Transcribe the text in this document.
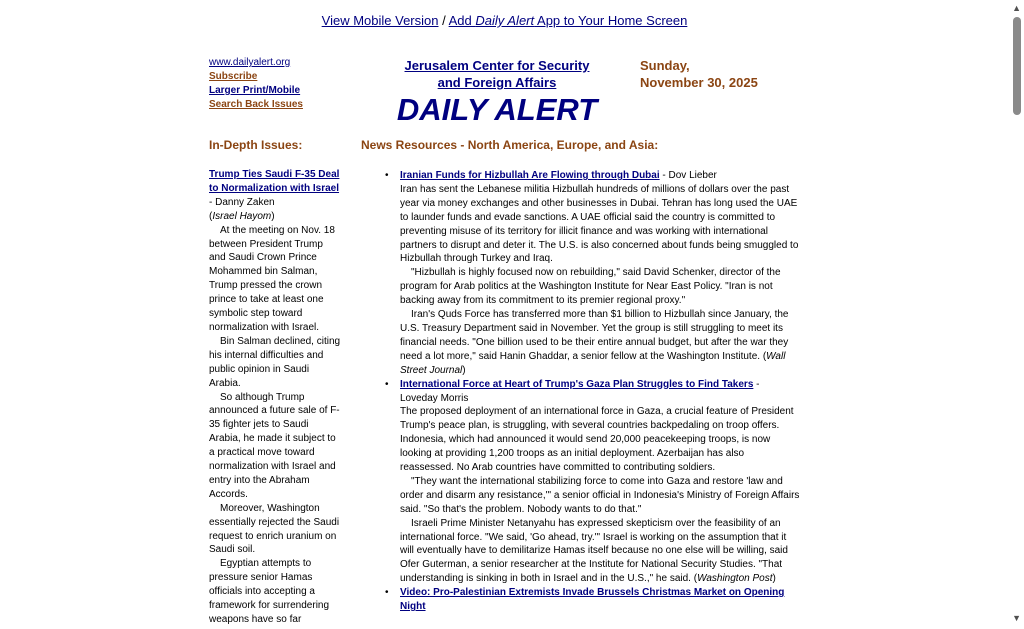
View Mobile Version / Add Daily Alert App to Your Home Screen
www.dailyalert.org
Subscribe
Larger Print/Mobile
Search Back Issues
Jerusalem Center for Security
and Foreign Affairs
DAILY ALERT
Sunday,
November 30, 2025
In-Depth Issues:	News Resources - North America, Europe, and Asia:
Trump Ties Saudi F-35 Deal to Normalization with Israel - Danny Zaken
(Israel Hayom)

At the meeting on Nov. 18 between President Trump and Saudi Crown Prince Mohammed bin Salman, Trump pressed the crown prince to take at least one symbolic step toward normalization with Israel.

Bin Salman declined, citing his internal difficulties and public opinion in Saudi Arabia.

So although Trump announced a future sale of F-35 fighter jets to Saudi Arabia, he made it subject to a practical move toward normalization with Israel and entry into the Abraham Accords.

Moreover, Washington essentially rejected the Saudi request to enrich uranium on Saudi soil.

Egyptian attempts to pressure senior Hamas officials into accepting a framework for surrendering weapons have so far

• Iranian Funds for Hizbullah Are Flowing through Dubai - Dov Lieber

Iran has sent the Lebanese militia Hizbullah hundreds of millions of dollars over the past year via money exchanges and other businesses in Dubai. Tehran has long used the UAE to launder funds and evade sanctions. A UAE official said the country is committed to preventing misuse of its territory for illicit finance and was working with international partners to disrupt and deter it. The U.S. is also concerned about funds being smuggled to Hizbullah through Turkey and Iraq.

"Hizbullah is highly focused now on rebuilding," said David Schenker, director of the program for Arab politics at the Washington Institute for Near East Policy. "Iran is not backing away from its commitment to its premier regional proxy."

Iran's Quds Force has transferred more than $1 billion to Hizbullah since January, the U.S. Treasury Department said in November. Yet the group is still struggling to meet its financial needs. "One billion used to be their entire annual budget, but after the war they need a lot more," said Hanin Ghaddar, a senior fellow at the Washington Institute. (Wall Street Journal)

• International Force at Heart of Trump's Gaza Plan Struggles to Find Takers - Loveday Morris

The proposed deployment of an international force in Gaza, a crucial feature of President Trump's peace plan, is struggling, with several countries backpedaling on troop offers. Indonesia, which had announced it would send 20,000 peacekeeping troops, is now looking at providing 1,200 troops as an initial deployment. Azerbaijan has also reassessed. No Arab countries have committed to contributing soldiers.

"They want the international stabilizing force to come into Gaza and restore 'law and order and disarm any resistance,'" a senior official in Indonesia's Ministry of Foreign Affairs said. "So that's the problem. Nobody wants to do that."

Israeli Prime Minister Netanyahu has expressed skepticism over the feasibility of an international force. "We said, 'Go ahead, try.'" Israel is working on the assumption that it will eventually have to demilitarize Hamas itself because no one else will be willing, said Ofer Guterman, a senior researcher at the Institute for National Security Studies. "That understanding is sinking in both in Israel and in the U.S.," he said. (Washington Post)

• Video: Pro-Palestinian Extremists Invade Brussels Christmas Market on Opening Night
▲
▼
